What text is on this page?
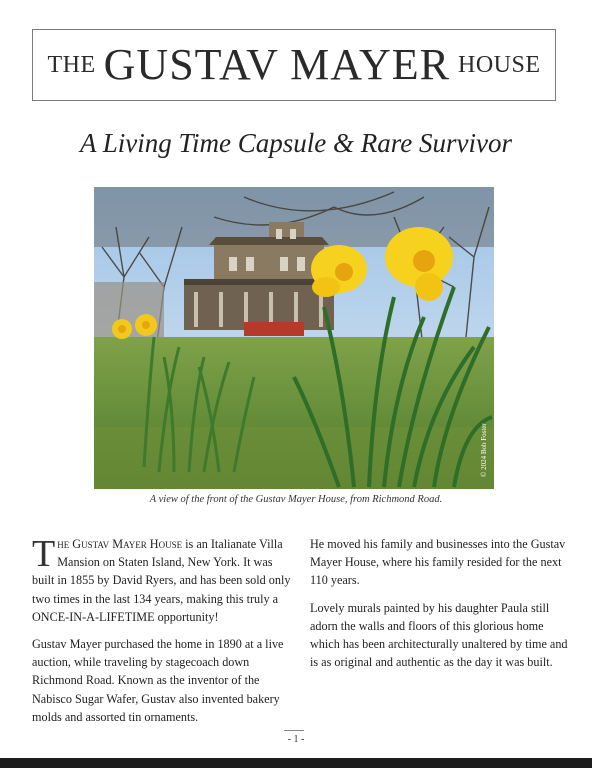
THE GUSTAV MAYER HOUSE
A Living Time Capsule & Rare Survivor
© 2024 Bob Foster
A view of the front of the Gustav Mayer House, from Richmond Road.

The Gustav Mayer House is an Italianate Villa Mansion on Staten Island, New York. It was built in 1855 by David Ryers, and has been sold only two times in the last 134 years, making this truly a ONCE-IN-A-LIFETIME opportunity!

Gustav Mayer purchased the home in 1890 at a live auction, while traveling by stagecoach down Richmond Road. Known as the inventor of the Nabisco Sugar Wafer, Gustav also invented bakery molds and assorted tin ornaments.

He moved his family and businesses into the Gustav Mayer House, where his family resided for the next 110 years.

Lovely murals painted by his daughter Paula still adorn the walls and floors of this glorious home which has been architecturally unaltered by time and is as original and authentic as the day it was built.

- 1 -
